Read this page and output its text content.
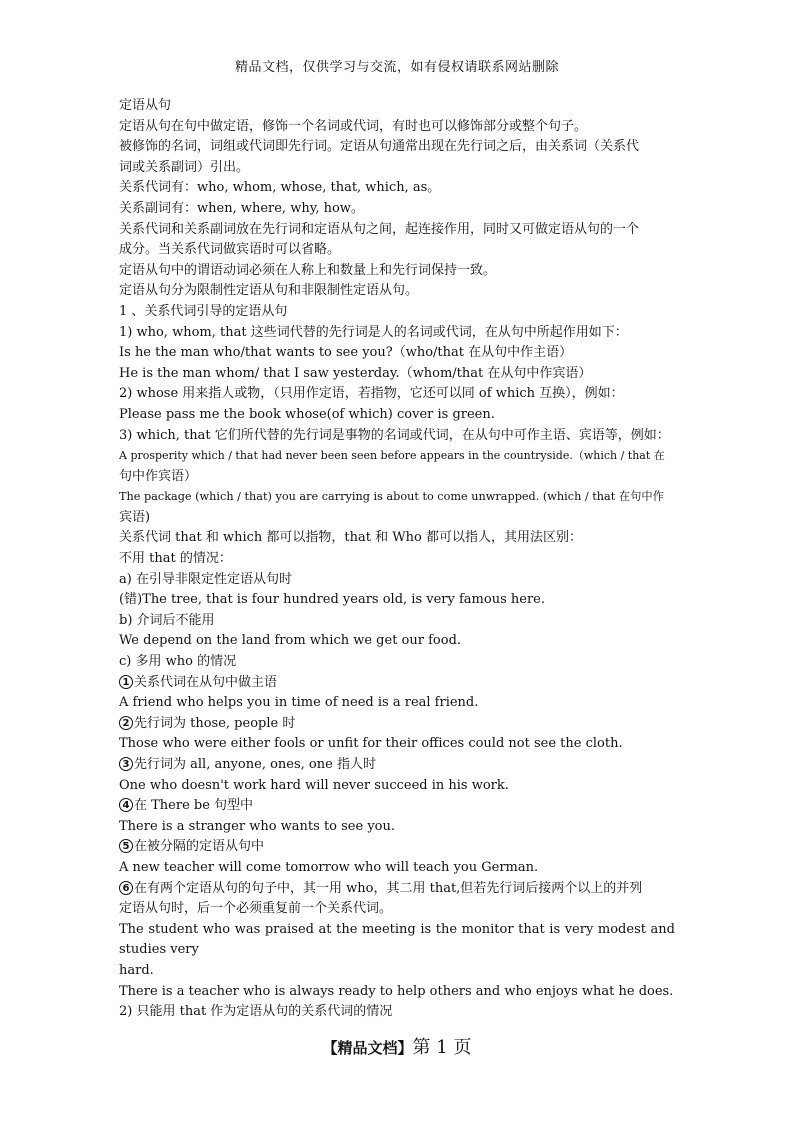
精品文档，仅供学习与交流，如有侵权请联系网站删除
定语从句
定语从句在句中做定语，修饰一个名词或代词，有时也可以修饰部分或整个句子。
被修饰的名词，词组或代词即先行词。定语从句通常出现在先行词之后，由关系词（关系代
词或关系副词）引出。
关系代词有：who, whom, whose, that, which, as。
关系副词有：when, where, why, how。
关系代词和关系副词放在先行词和定语从句之间，起连接作用，同时又可做定语从句的一个
成分。当关系代词做宾语时可以省略。
定语从句中的谓语动词必须在人称上和数量上和先行词保持一致。
定语从句分为限制性定语从句和非限制性定语从句。
1 、关系代词引导的定语从句
1) who, whom, that 这些词代替的先行词是人的名词或代词，在从句中所起作用如下：
Is he the man who/that wants to see you?（who/that 在从句中作主语）
He is the man whom/ that I saw yesterday.（whom/that 在从句中作宾语）
2) whose 用来指人或物，（只用作定语，若指物，它还可以同 of which 互换），例如：
Please pass me the book whose(of which) cover is green.
3) which, that 它们所代替的先行词是事物的名词或代词，在从句中可作主语、宾语等，例如：
A prosperity which / that had never been seen before appears in the countryside.（which / that 在
句中作宾语）
The package (which / that) you are carrying is about to come unwrapped. (which / that 在句中作
宾语)
关系代词 that 和 which 都可以指物，that 和 Who 都可以指人，其用法区别：
不用 that 的情况：
a) 在引导非限定性定语从句时
(错)The tree, that is four hundred years old, is very famous here.
b) 介词后不能用
We depend on the land from which we get our food.
c) 多用 who 的情况
1 关系代词在从句中做主语
A friend who helps you in time of need is a real friend.
2 先行词为 those, people 时
Those who were either fools or unfit for their offices could not see the cloth.
3 先行词为 all, anyone, ones, one 指人时
One who doesn't work hard will never succeed in his work.
4 在 There be 句型中
There is a stranger who wants to see you.
5 在被分隔的定语从句中
A new teacher will come tomorrow who will teach you German.
6 在有两个定语从句的句子中，其一用 who，其二用 that,但若先行词后接两个以上的并列
定语从句时，后一个必须重复前一个关系代词。
The student who was praised at the meeting is the monitor that is very modest and studies very
hard.
There is a teacher who is always ready to help others and who enjoys what he does.
2) 只能用 that 作为定语从句的关系代词的情况
【精品文档】第 1 页
